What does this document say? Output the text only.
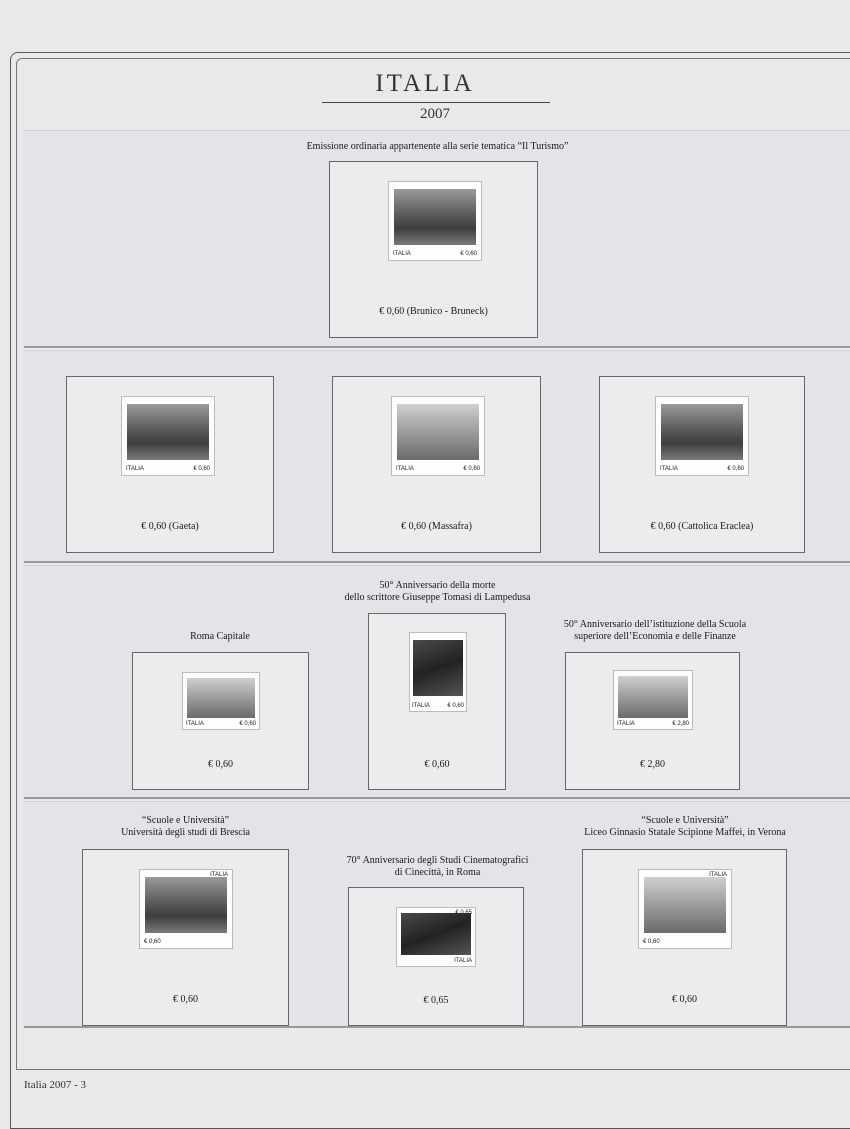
ITALIA
2007
Emissione ordinaria appartenente alla serie tematica “Il Turismo”
ITALIA	€ 0,60
€ 0,60 (Brunico - Bruneck)
ITALIA	€ 0,60
€ 0,60 (Gaeta)
ITALIA	€ 0,60
€ 0,60 (Massafra)
ITALIA	€ 0,60
€ 0,60 (Cattolica Eraclea)
Roma Capitale
ITALIA	€ 0,60
€ 0,60
50° Anniversario della morte
dello scrittore Giuseppe Tomasi di Lampedusa
ITALIA	€ 0,60
€ 0,60
50° Anniversario dell’istituzione della Scuola
superiore dell’Economia e delle Finanze
ITALIA	€ 2,80
€ 2,80
“Scuole e Università”
Università degli studi di Brescia
ITALIA
€ 0,60
€ 0,60
70° Anniversario degli Studi Cinematografici
di Cinecittà, in Roma
ITALIA
€ 0,65
€ 0,65
“Scuole e Università”
Liceo Ginnasio Statale Scipione Maffei, in Verona
ITALIA
€ 0,60
€ 0,60
Italia 2007 - 3
